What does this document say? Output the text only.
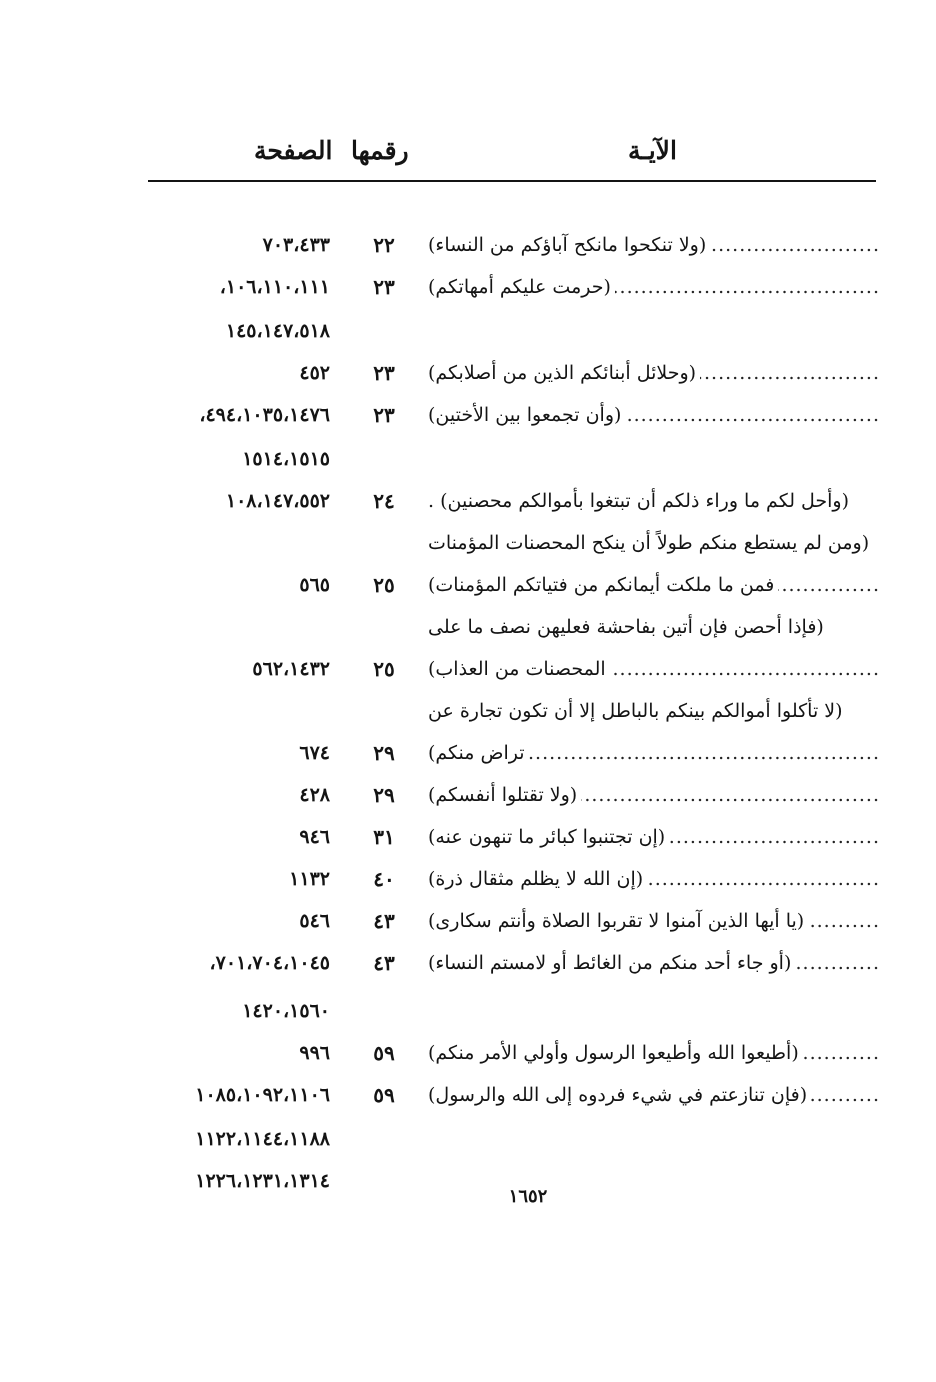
الآيـة
رقمها
الصفحة
(ولا تنكحوا مانكح آباؤكم من النساء)
.....
٢٢
٧٠٣،٤٣٣
(حرمت عليكم أمهاتكم)
.....
٢٣
،١٠٦،١١٠،١١١
١٤٥،١٤٧،٥١٨
(وحلائل أبنائكم الذين من أصلابكم)
.....
٢٣
٤٥٢
(وأن تجمعوا بين الأختين)
.....
٢٣
،٤٩٤،١٠٣٥،١٤٧٦
١٥١٤،١٥١٥
(وأحل لكم ما وراء ذلكم أن تبتغوا بأموالكم محصنين) .
٢٤
١٠٨،١٤٧،٥٥٢
(ومن لم يستطع منكم طولاً أن ينكح المحصنات المؤمنات
فمن ما ملكت أيمانكم من فتياتكم المؤمنات)
.....
٢٥
٥٦٥
(فإذا أحصن فإن أتين بفاحشة فعليهن نصف ما على
المحصنات من العذاب)
.....
٢٥
٥٦٢،١٤٣٢
(لا تأكلوا أموالكم بينكم بالباطل إلا أن تكون تجارة عن
تراض منكم)
.....
٢٩
٦٧٤
(ولا تقتلوا أنفسكم)
.....
٢٩
٤٢٨
(إن تجتنبوا كبائر ما تنهون عنه)
.....
٣١
٩٤٦
(إن الله لا يظلم مثقال ذرة)
.....
٤٠
١١٣٢
(يا أيها الذين آمنوا لا تقربوا الصلاة وأنتم سكارى)
.....
٤٣
٥٤٦
(أو جاء أحد منكم من الغائط أو لامستم النساء)
.....
٤٣
،٧٠١،٧٠٤،١٠٤٥
١٤٢٠،١٥٦٠
(أطيعوا الله وأطيعوا الرسول وأولي الأمر منكم)
.....
٥٩
٩٩٦
(فإن تنازعتم في شيء فردوه إلى الله والرسول)
.....
٥٩
١٠٨٥،١٠٩٢،١١٠٦
١١٢٢،١١٤٤،١١٨٨
١٢٢٦،١٢٣١،١٣١٤
١٦٥٢
